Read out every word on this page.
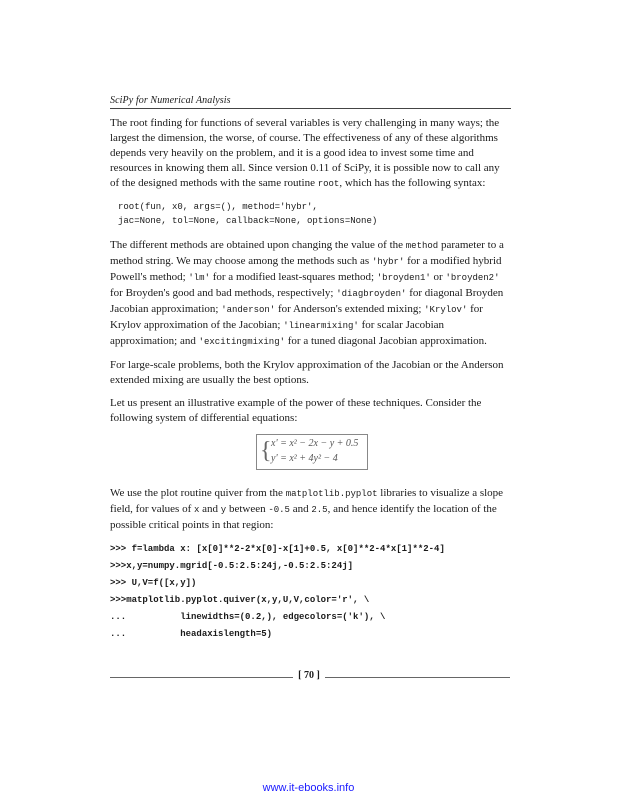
SciPy for Numerical Analysis

The root finding for functions of several variables is very challenging in many ways; the largest the dimension, the worse, of course. The effectiveness of any of these algorithms depends very heavily on the problem, and it is a good idea to invest some time and resources in knowing them all. Since version 0.11 of SciPy, it is possible now to call any of the designed methods with the same routine root, which has the following syntax:

root(fun, x0, args=(), method='hybr',
jac=None, tol=None, callback=None, options=None)

The different methods are obtained upon changing the value of the method parameter to a method string. We may choose among the methods such as 'hybr' for a modified hybrid Powell's method; 'lm' for a modified least-squares method; 'broyden1' or 'broyden2' for Broyden's good and bad methods, respectively; 'diagbroyden' for diagonal Broyden Jacobian approximation; 'anderson' for Anderson's extended mixing; 'Krylov' for Krylov approximation of the Jacobian; 'linearmixing' for scalar Jacobian approximation; and 'excitingmixing' for a tuned diagonal Jacobian approximation.

For large-scale problems, both the Krylov approximation of the Jacobian or the Anderson extended mixing are usually the best options.

Let us present an illustrative example of the power of these techniques. Consider the following system of differential equations:

{ x' = x² − 2x − y + 0.5
y' = x² + 4y² − 4

We use the plot routine quiver from the matplotlib.pyplot libraries to visualize a slope field, for values of x and y between -0.5 and 2.5, and hence identify the location of the possible critical points in that region:

>>> f=lambda x: [x[0]**2-2*x[0]-x[1]+0.5, x[0]**2-4*x[1]**2-4]
>>>x,y=numpy.mgrid[-0.5:2.5:24j,-0.5:2.5:24j]
>>> U,V=f([x,y])
>>>matplotlib.pyplot.quiver(x,y,U,V,color='r', \
...          linewidths=(0.2,), edgecolors=('k'), \
...          headaxislength=5)
[ 70 ]
www.it-ebooks.info
